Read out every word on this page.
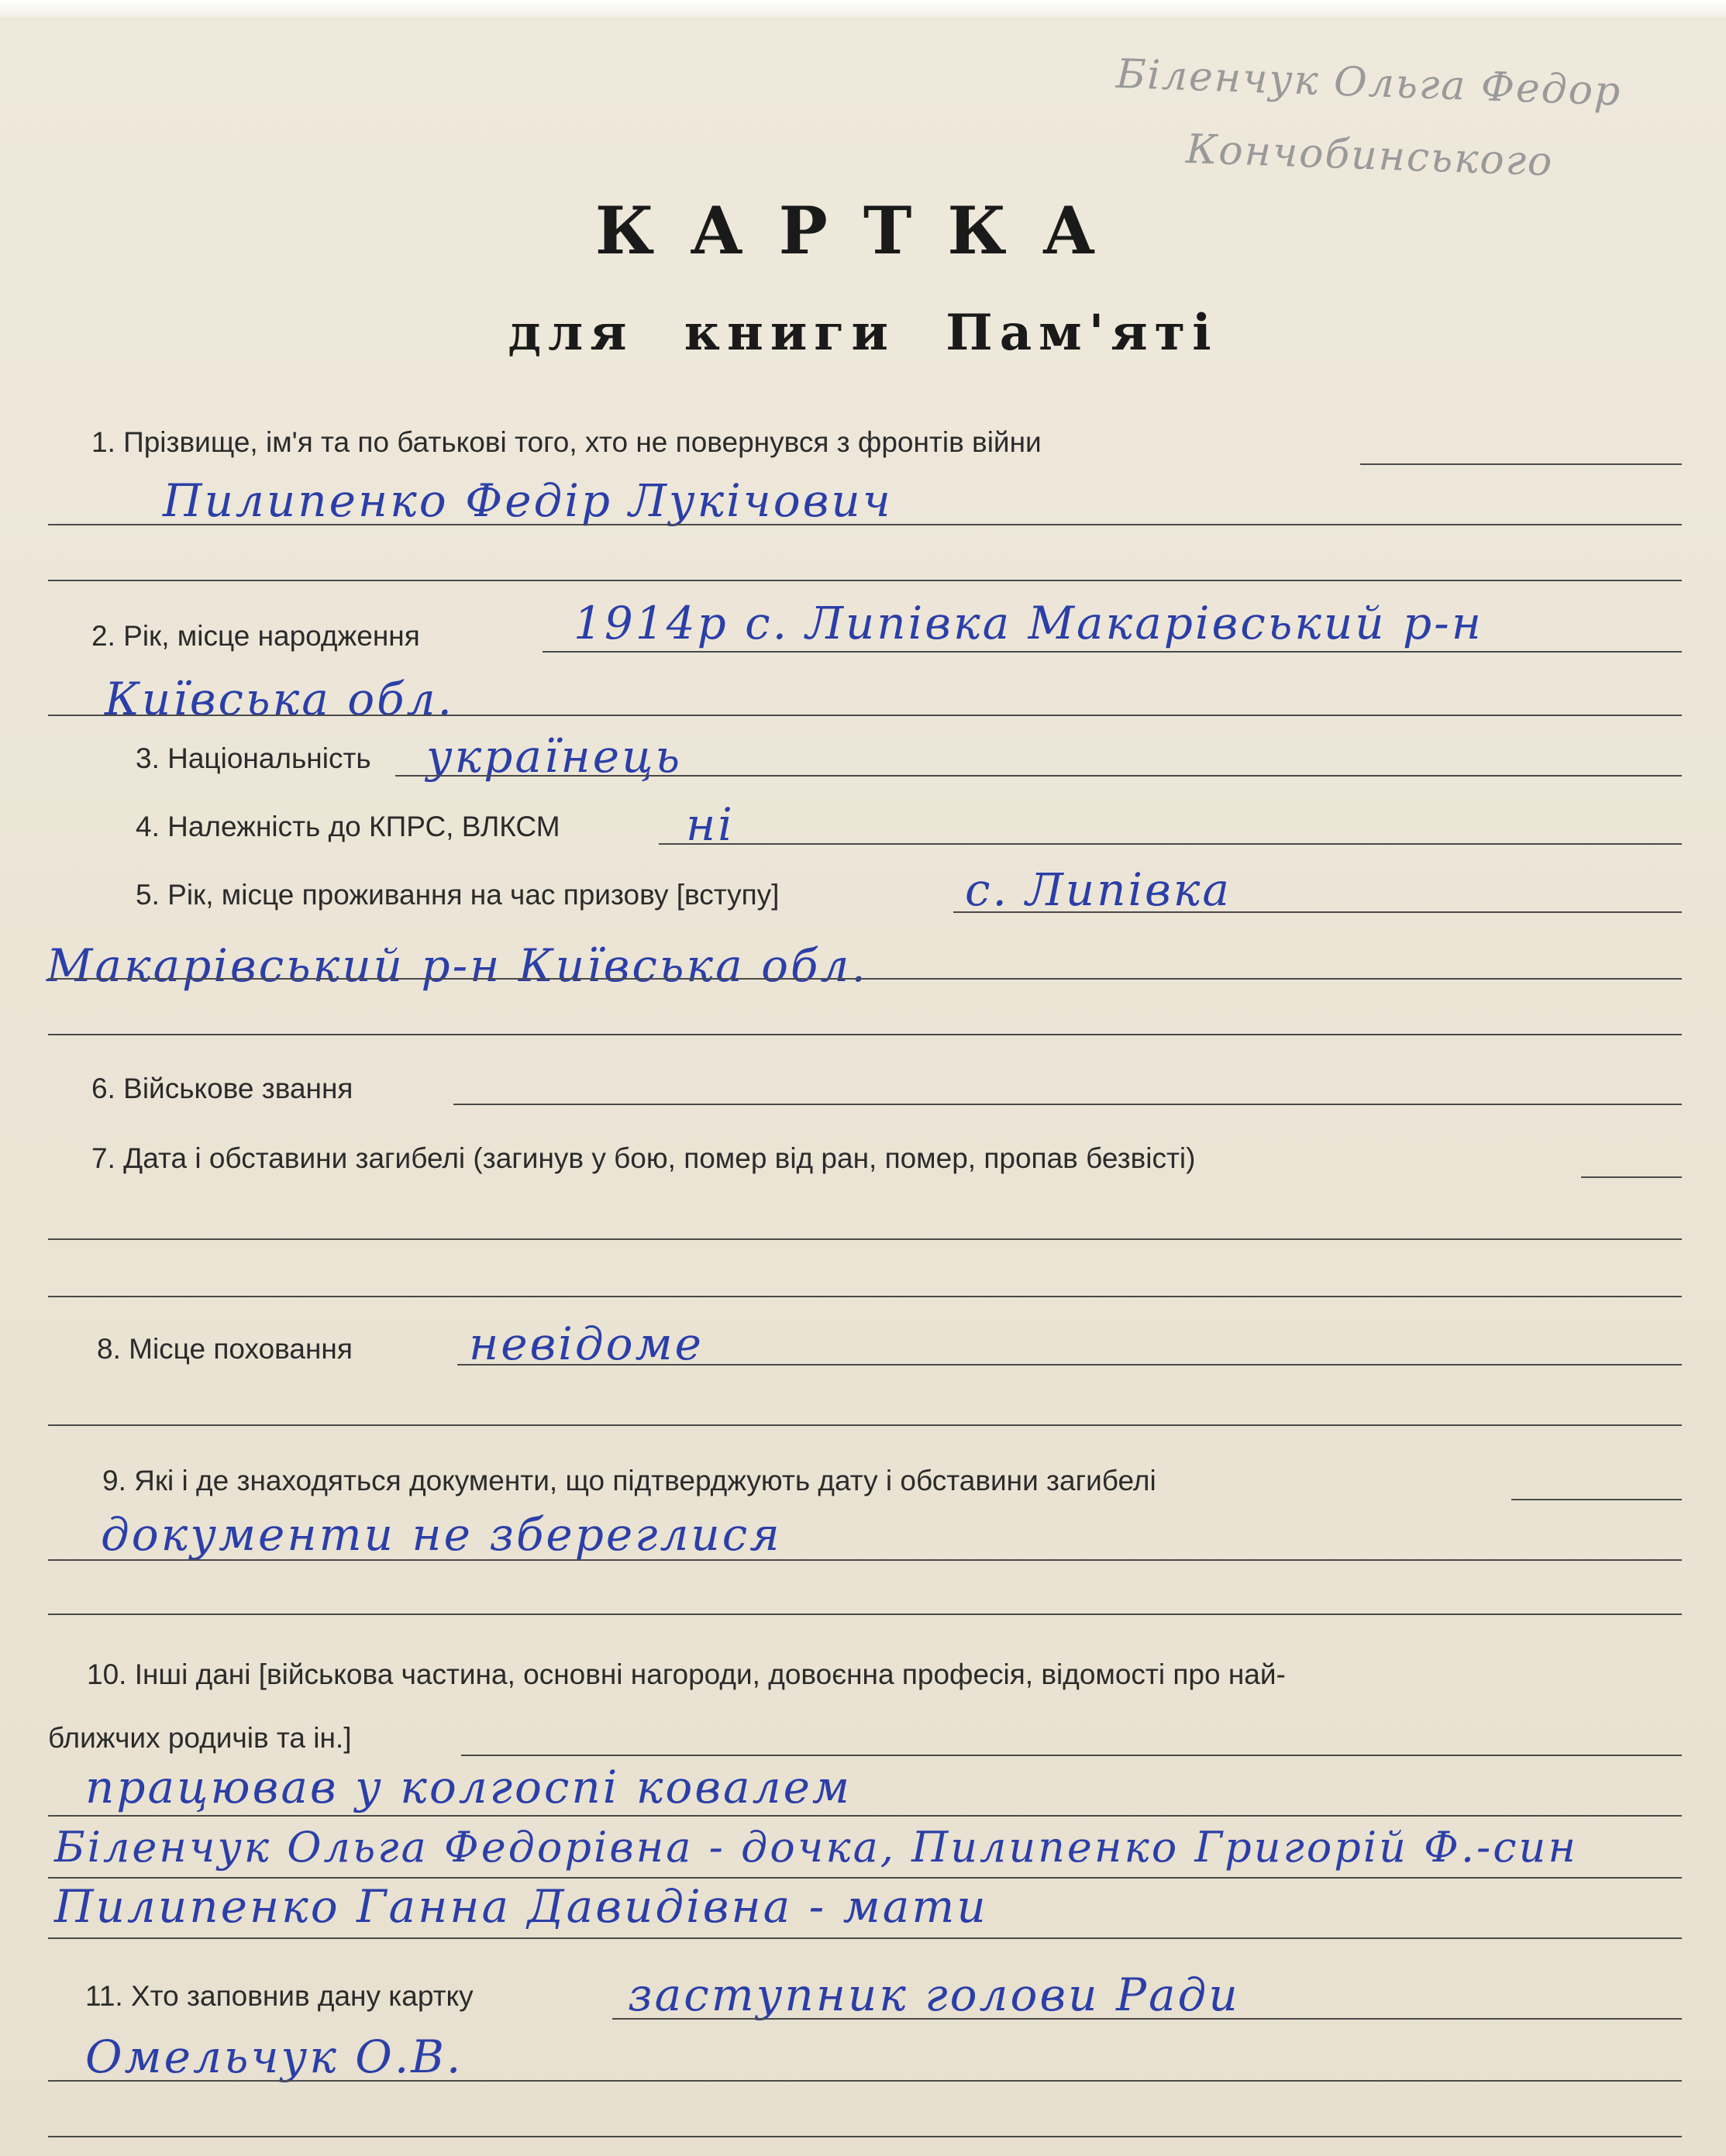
Біленчук Ольга Федор
Кончобинського
КАРТКА
для книги Пам'яті
1. Прізвище, ім'я та по батькові того, хто не повернувся з фронтів війни
Пилипенко Федір Лукічович
2. Рік, місце народження	1914р с. Липівка Макарівський р-н
Київська обл.
3. Національність українець
4. Належність до КПРС, ВЛКСМ	ні
5. Рік, місце проживання на час призову [вступу]	с. Липівка
Макарівський р-н Київська обл.
6. Військове звання
7. Дата і обставини загибелі (загинув у бою, помер від ран, помер, пропав безвісті)
8. Місце поховання	невідоме
9. Які і де знаходяться документи, що підтверджують дату і обставини загибелі
документи не збереглися
10. Інші дані [військова частина, основні нагороди, довоєнна професія, відомості про най-
ближчих родичів та ін.]
працював у колгоспі ковалем
Біленчук Ольга Федорівна - дочка, Пилипенко Григорій Ф.-син
Пилипенко Ганна Давидівна - мати
11. Хто заповнив дану картку	заступник голови Ради
Омельчук О.В.
